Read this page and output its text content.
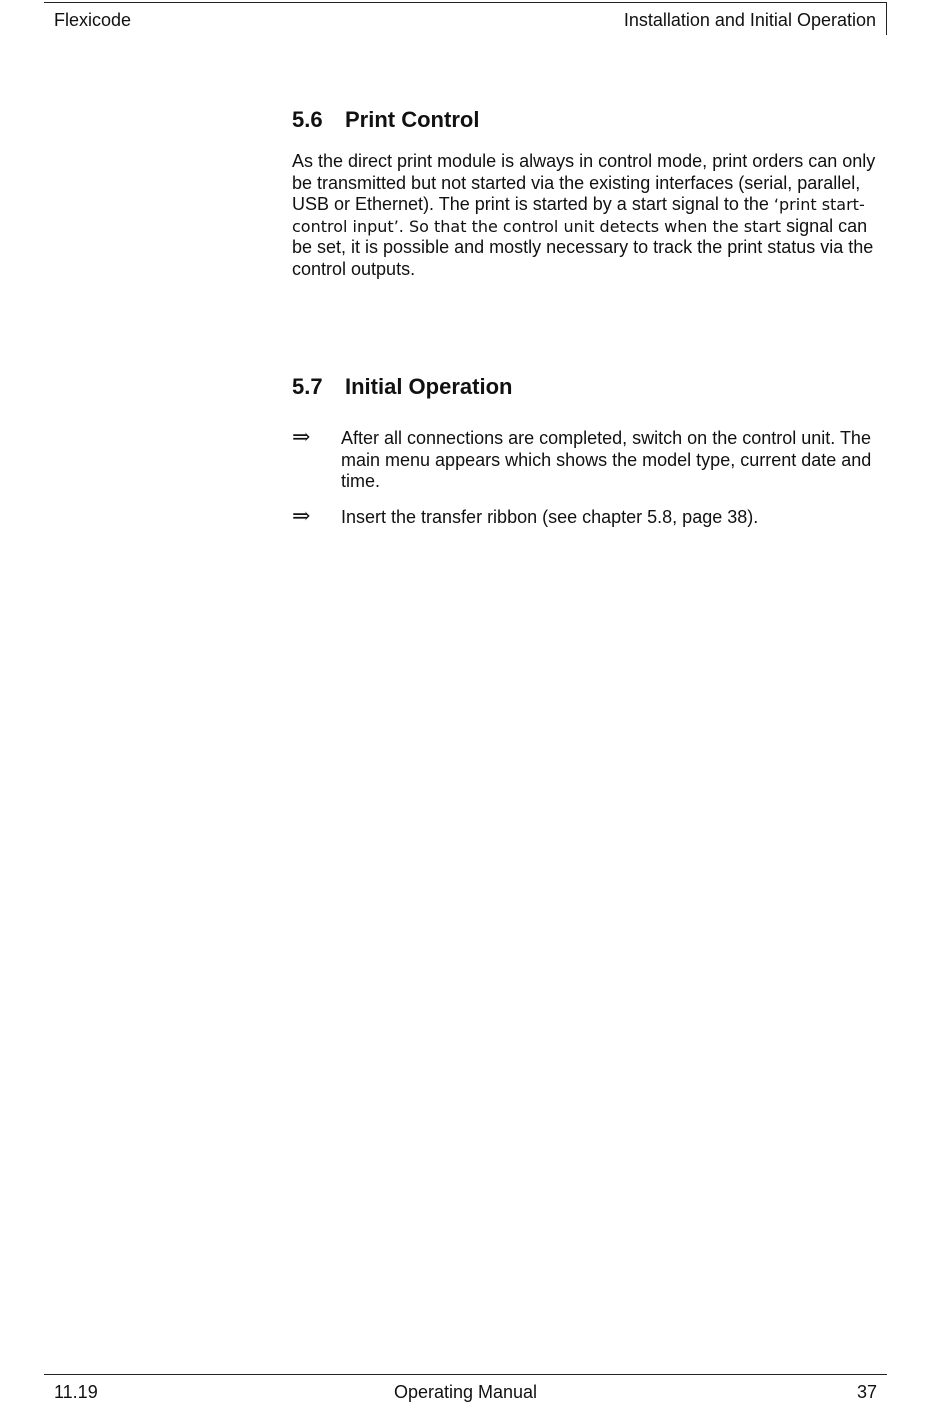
Flexicode	Installation and Initial Operation
5.6 Print Control

As the direct print module is always in control mode, print orders can only be transmitted but not started via the existing interfaces (serial, parallel, USB or Ethernet). The print is started by a start signal to the ‘print start-control input’. So that the control unit detects when the start signal can be set, it is possible and mostly necessary to track the print status via the control outputs.

5.7 Initial Operation
⇒ After all connections are completed, switch on the control unit. The main menu appears which shows the model type, current date and time.
⇒ Insert the transfer ribbon (see chapter 5.8, page 38).
11.19	Operating Manual	37
